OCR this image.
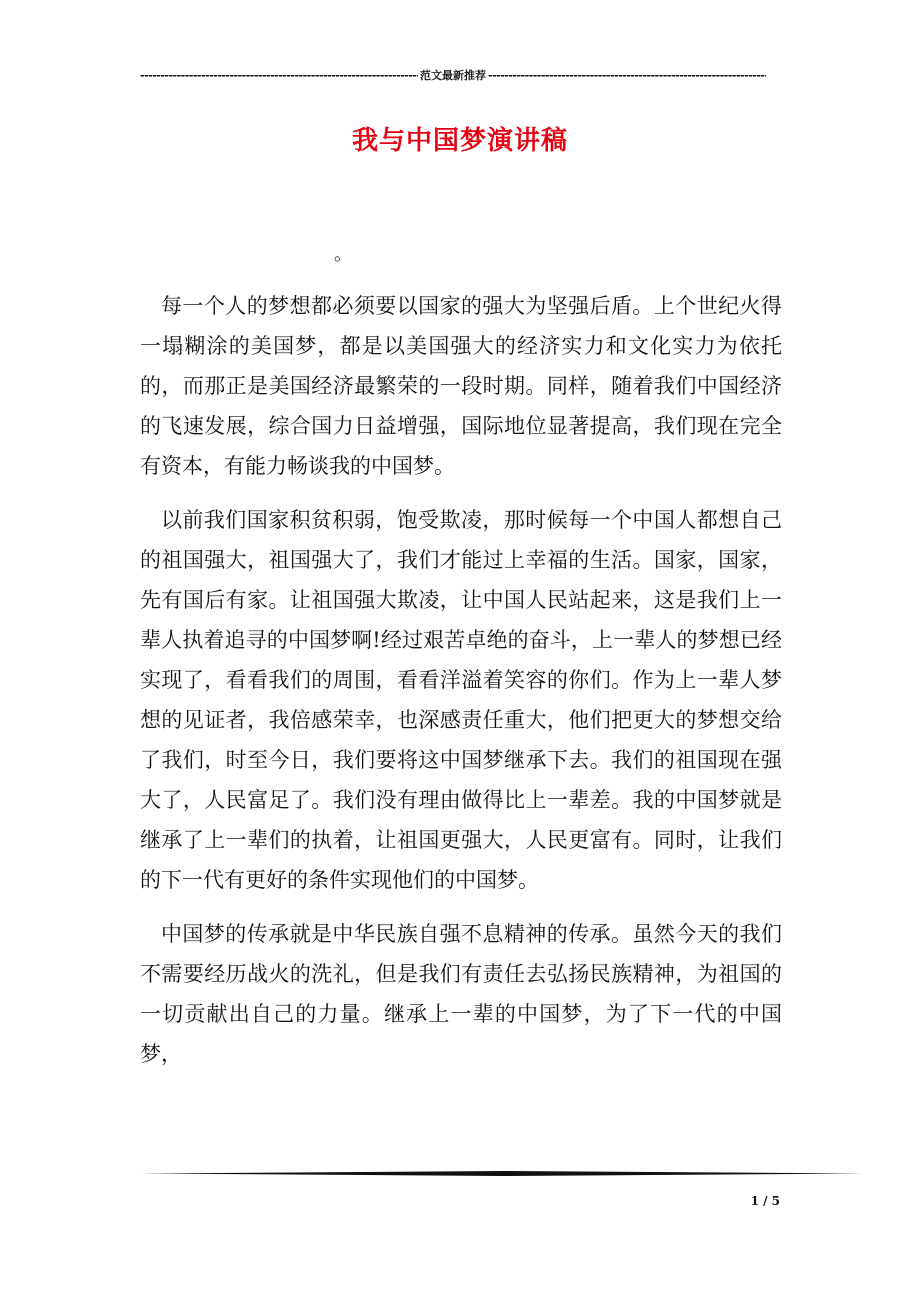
-----
范文最新推荐
-----
我与中国梦演讲稿
。

每一个人的梦想都必须要以国家的强大为坚强后盾。上个世纪火得一塌糊涂的美国梦，都是以美国强大的经济实力和文化实力为依托的，而那正是美国经济最繁荣的一段时期。同样，随着我们中国经济的飞速发展，综合国力日益增强，国际地位显著提高，我们现在完全有资本，有能力畅谈我的中国梦。

以前我们国家积贫积弱，饱受欺凌，那时候每一个中国人都想自己的祖国强大，祖国强大了，我们才能过上幸福的生活。国家，国家，先有国后有家。让祖国强大欺凌，让中国人民站起来，这是我们上一辈人执着追寻的中国梦啊!经过艰苦卓绝的奋斗，上一辈人的梦想已经实现了，看看我们的周围，看看洋溢着笑容的你们。作为上一辈人梦想的见证者，我倍感荣幸，也深感责任重大，他们把更大的梦想交给了我们，时至今日，我们要将这中国梦继承下去。我们的祖国现在强大了，人民富足了。我们没有理由做得比上一辈差。我的中国梦就是继承了上一辈们的执着，让祖国更强大，人民更富有。同时，让我们的下一代有更好的条件实现他们的中国梦。

中国梦的传承就是中华民族自强不息精神的传承。虽然今天的我们不需要经历战火的洗礼，但是我们有责任去弘扬民族精神，为祖国的一切贡献出自己的力量。继承上一辈的中国梦，为了下一代的中国梦，

1 / 5
